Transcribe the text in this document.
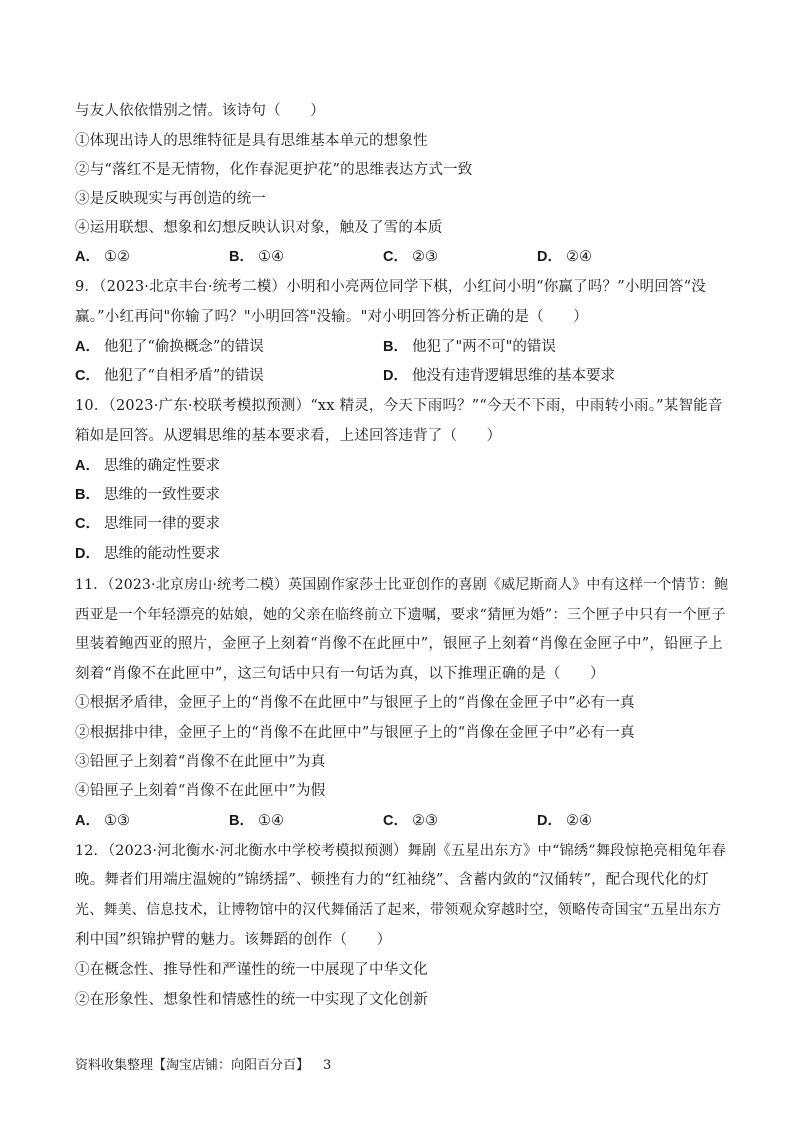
与友人依依惜别之情。该诗句（　　）
①体现出诗人的思维特征是具有思维基本单元的想象性
②与“落红不是无情物，化作春泥更护花”的思维表达方式一致
③是反映现实与再创造的统一
④运用联想、想象和幻想反映认识对象，触及了雪的本质
A． ①②	B． ①④	C． ②③	D． ②④
9．（2023·北京丰台·统考二模）小明和小亮两位同学下棋，小红问小明“你赢了吗？”小明回答“没
赢。”小红再问"你输了吗？"小明回答"没输。"对小明回答分析正确的是（　　）
A． 他犯了“偷换概念”的错误	B． 他犯了"两不可"的错误
C． 他犯了“自相矛盾”的错误	D． 他没有违背逻辑思维的基本要求
10．（2023·广东·校联考模拟预测）“xx 精灵，今天下雨吗？”“今天不下雨，中雨转小雨。”某智能音
箱如是回答。从逻辑思维的基本要求看，上述回答违背了（　　）
A． 思维的确定性要求
B． 思维的一致性要求
C． 思维同一律的要求
D． 思维的能动性要求
11．（2023·北京房山·统考二模）英国剧作家莎士比亚创作的喜剧《威尼斯商人》中有这样一个情节：鲍
西亚是一个年轻漂亮的姑娘，她的父亲在临终前立下遗嘱，要求“猜匣为婚”：三个匣子中只有一个匣子
里装着鲍西亚的照片，金匣子上刻着“肖像不在此匣中”，银匣子上刻着“肖像在金匣子中”，铅匣子上
刻着“肖像不在此匣中”，这三句话中只有一句话为真，以下推理正确的是（　　）
①根据矛盾律，金匣子上的“肖像不在此匣中”与银匣子上的“肖像在金匣子中”必有一真
②根据排中律，金匣子上的“肖像不在此匣中”与银匣子上的“肖像在金匣子中”必有一真
③铅匣子上刻着“肖像不在此匣中”为真
④铅匣子上刻着“肖像不在此匣中”为假
A． ①③	B． ①④	C． ②③	D． ②④
12．（2023·河北衡水·河北衡水中学校考模拟预测）舞剧《五星出东方》中“锦绣”舞段惊艳亮相兔年春
晚。舞者们用端庄温婉的“锦绣揺”、顿挫有力的“红袖绕”、含蓄内敛的“汉俑转”，配合现代化的灯
光、舞美、信息技术，让博物馆中的汉代舞俑活了起来，带领观众穿越时空，领略传奇国宝“五星出东方
利中国”织锦护臂的魅力。该舞蹈的创作（　　）
①在概念性、推导性和严谨性的统一中展现了中华文化
②在形象性、想象性和情感性的统一中实现了文化创新
资料收集整理【淘宝店铺：向阳百分百】 3
